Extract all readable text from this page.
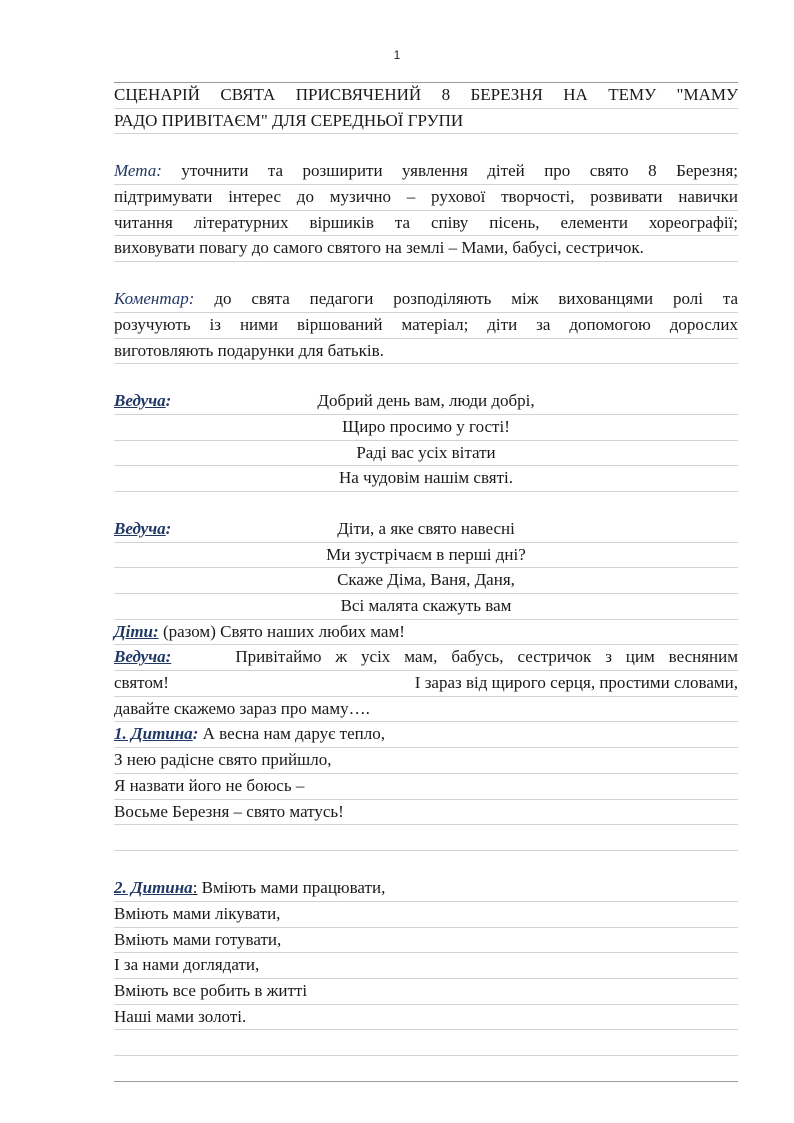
1
СЦЕНАРІЙ СВЯТА ПРИСВЯЧЕНИЙ 8 БЕРЕЗНЯ НА ТЕМУ "МАМУ
РАДО ПРИВІТАЄМ" ДЛЯ СЕРЕДНЬОЇ ГРУПИ
Мета: уточнити та розширити уявлення дітей про свято 8 Березня;
підтримувати інтерес до музично – рухової творчості, розвивати навички
читання літературних віршиків та співу пісень, елементи хореографії;
виховувати повагу до самого святого на землі – Мами, бабусі, сестричок.
Коментар: до свята педагоги розподіляють між вихованцями ролі та
розучують із ними віршований матеріал; діти за допомогою дорослих
виготовляють подарунки для батьків.
Ведуча:	Добрий день вам, люди добрі,
Щиро просимо у гості!
Раді вас усіх вітати
На чудовім нашім святі.
Ведуча:	Діти, а яке свято навесні
Ми зустрічаєм в перші дні?
Скаже Діма, Ваня, Даня,
Всі малята скажуть вам
Діти: (разом) Свято наших любих мам!
Ведуча:	Привітаймо ж усіх мам, бабусь, сестричок з цим весняним
святом!	І зараз від щирого серця, простими словами,
давайте скажемо зараз про маму….
1. Дитина: А весна нам дарує тепло,
З нею радісне свято прийшло,
Я назвати його не боюсь –
Восьме Березня – свято матусь!
2. Дитина: Вміють мами працювати,
Вміють мами лікувати,
Вміють мами готувати,
І за нами доглядати,
Вміють все робить в житті
Наші мами золоті.
